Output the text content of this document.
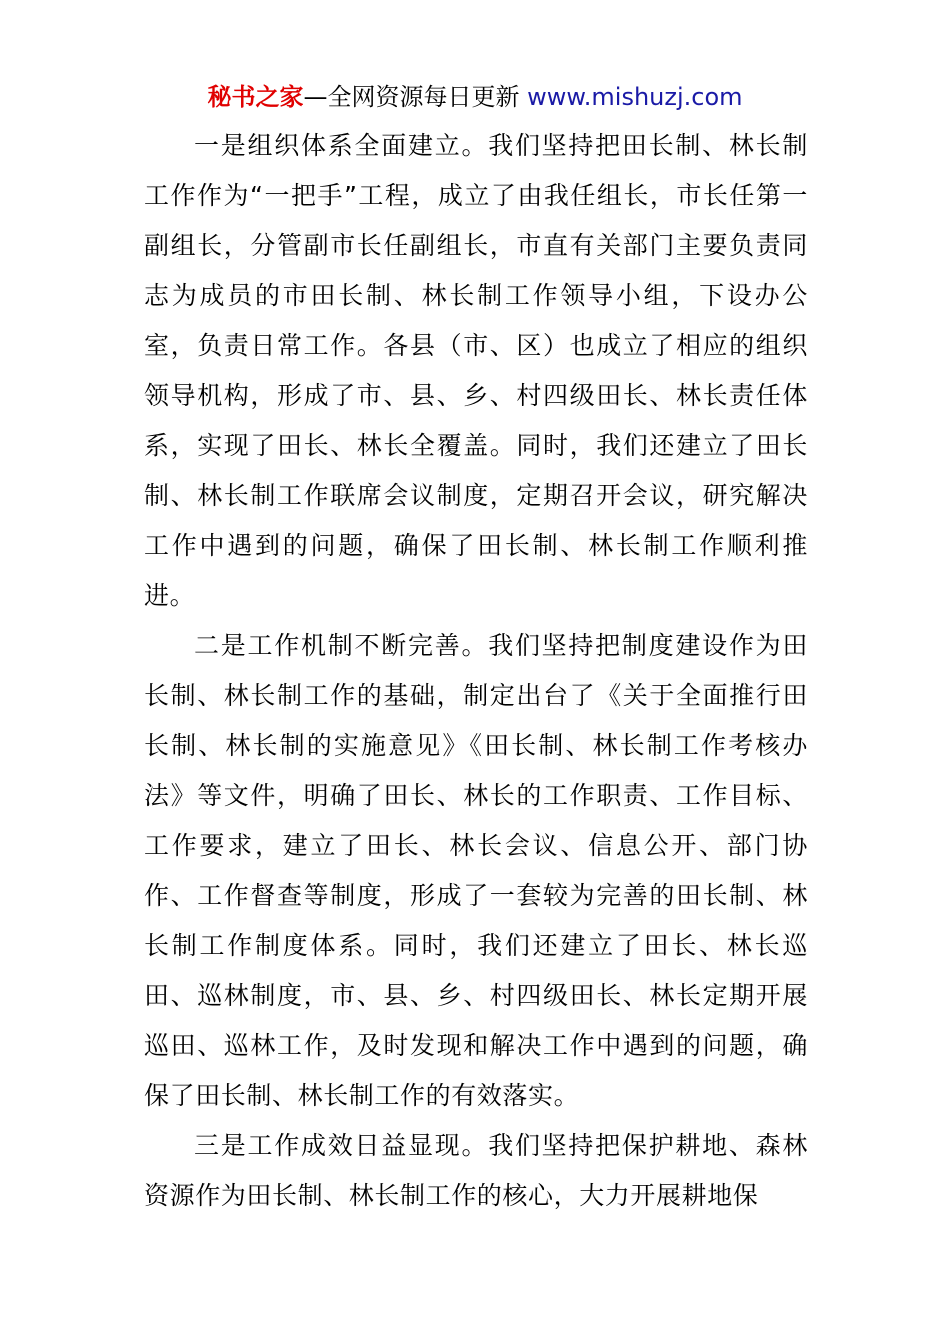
秘书之家—全网资源每日更新 www.mishuzj.com

一是组织体系全面建立。我们坚持把田长制、林长制工作作为“一把手”工程，成立了由我任组长，市长任第一副组长，分管副市长任副组长，市直有关部门主要负责同志为成员的市田长制、林长制工作领导小组，下设办公室，负责日常工作。各县（市、区）也成立了相应的组织领导机构，形成了市、县、乡、村四级田长、林长责任体系，实现了田长、林长全覆盖。同时，我们还建立了田长制、林长制工作联席会议制度，定期召开会议，研究解决工作中遇到的问题，确保了田长制、林长制工作顺利推进。

二是工作机制不断完善。我们坚持把制度建设作为田长制、林长制工作的基础，制定出台了《关于全面推行田长制、林长制的实施意见》《田长制、林长制工作考核办法》等文件，明确了田长、林长的工作职责、工作目标、工作要求，建立了田长、林长会议、信息公开、部门协作、工作督查等制度，形成了一套较为完善的田长制、林长制工作制度体系。同时，我们还建立了田长、林长巡田、巡林制度，市、县、乡、村四级田长、林长定期开展巡田、巡林工作，及时发现和解决工作中遇到的问题，确保了田长制、林长制工作的有效落实。

三是工作成效日益显现。我们坚持把保护耕地、森林资源作为田长制、林长制工作的核心，大力开展耕地保
